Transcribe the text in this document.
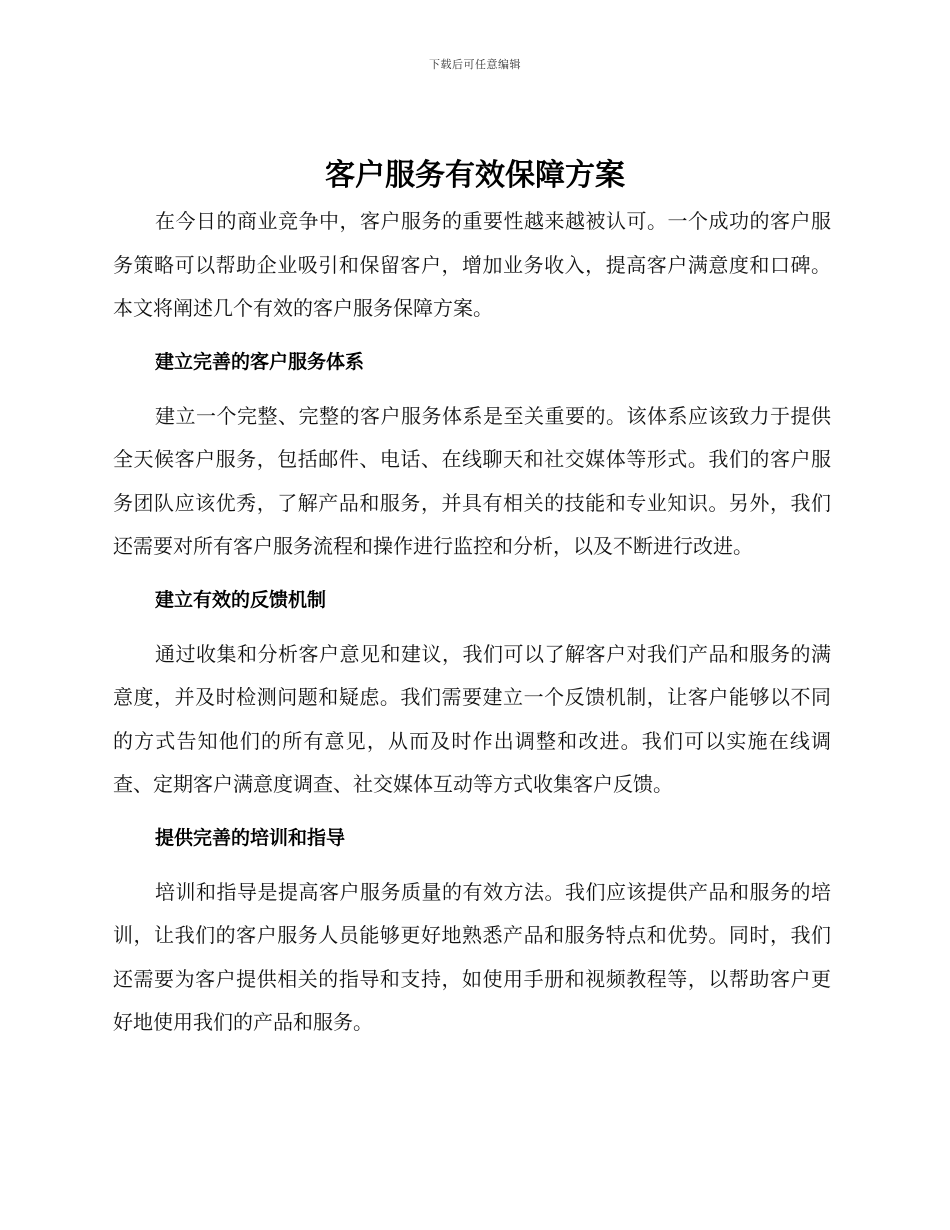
下载后可任意编辑
客户服务有效保障方案

在今日的商业竞争中，客户服务的重要性越来越被认可。一个成功的客户服务策略可以帮助企业吸引和保留客户，增加业务收入，提高客户满意度和口碑。本文将阐述几个有效的客户服务保障方案。

建立完善的客户服务体系

建立一个完整、完整的客户服务体系是至关重要的。该体系应该致力于提供全天候客户服务，包括邮件、电话、在线聊天和社交媒体等形式。我们的客户服务团队应该优秀，了解产品和服务，并具有相关的技能和专业知识。另外，我们还需要对所有客户服务流程和操作进行监控和分析，以及不断进行改进。

建立有效的反馈机制

通过收集和分析客户意见和建议，我们可以了解客户对我们产品和服务的满意度，并及时检测问题和疑虑。我们需要建立一个反馈机制，让客户能够以不同的方式告知他们的所有意见，从而及时作出调整和改进。我们可以实施在线调查、定期客户满意度调查、社交媒体互动等方式收集客户反馈。

提供完善的培训和指导

培训和指导是提高客户服务质量的有效方法。我们应该提供产品和服务的培训，让我们的客户服务人员能够更好地熟悉产品和服务特点和优势。同时，我们还需要为客户提供相关的指导和支持，如使用手册和视频教程等，以帮助客户更好地使用我们的产品和服务。
